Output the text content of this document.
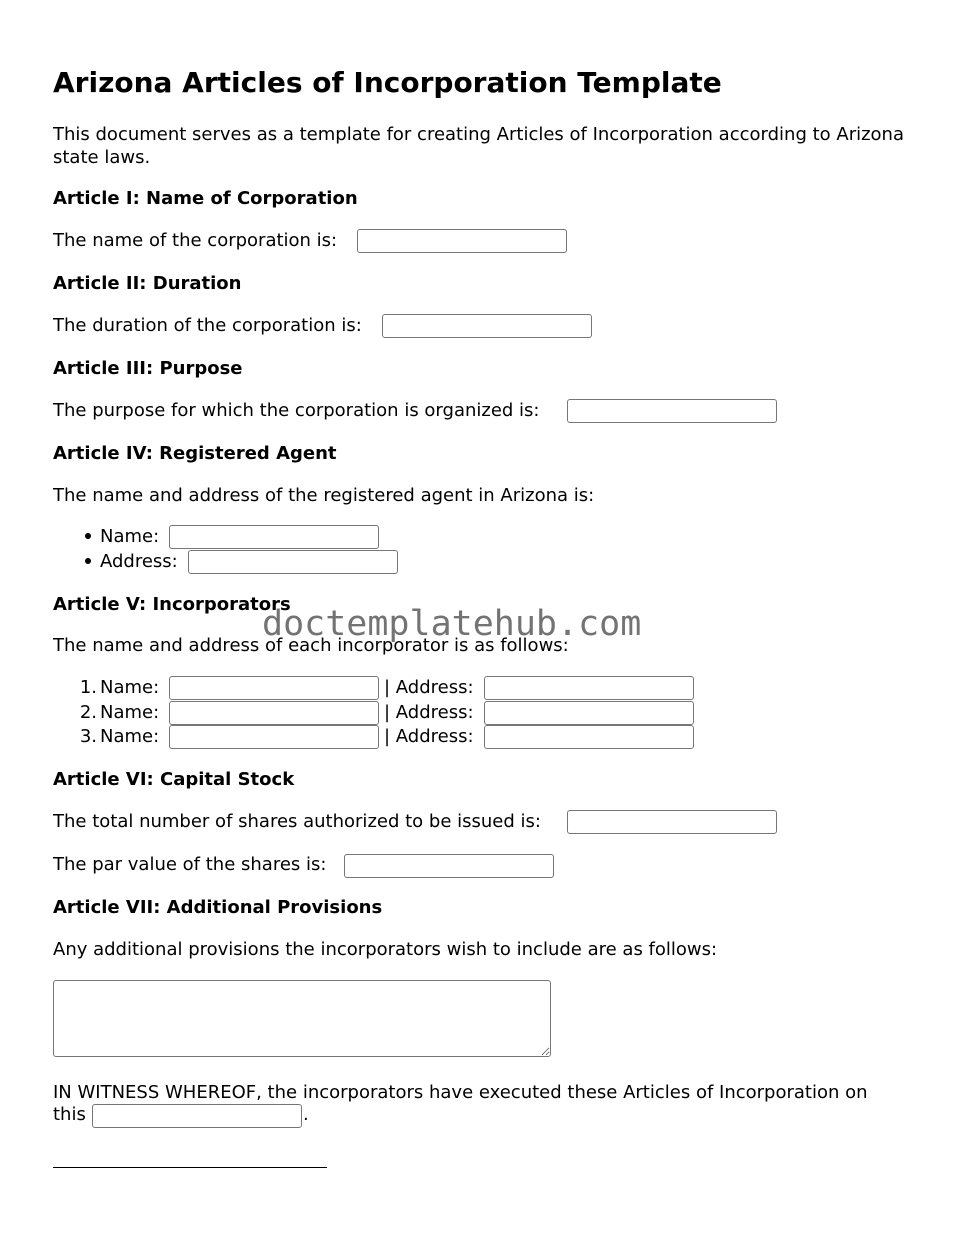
Arizona Articles of Incorporation Template
This document serves as a template for creating Articles of Incorporation according to Arizona state laws.
Article I: Name of Corporation
The name of the corporation is:
Article II: Duration
The duration of the corporation is:
Article III: Purpose
The purpose for which the corporation is organized is:
Article IV: Registered Agent
The name and address of the registered agent in Arizona is:
Name:
Address:
Article V: Incorporators
The name and address of each incorporator is as follows:
1. Name:	| Address:
2. Name:	| Address:
3. Name:	| Address:
Article VI: Capital Stock
The total number of shares authorized to be issued is:
The par value of the shares is:
Article VII: Additional Provisions
Any additional provisions the incorporators wish to include are as follows:
IN WITNESS WHEREOF, the incorporators have executed these Articles of Incorporation on
this	.
doctemplatehub.com
